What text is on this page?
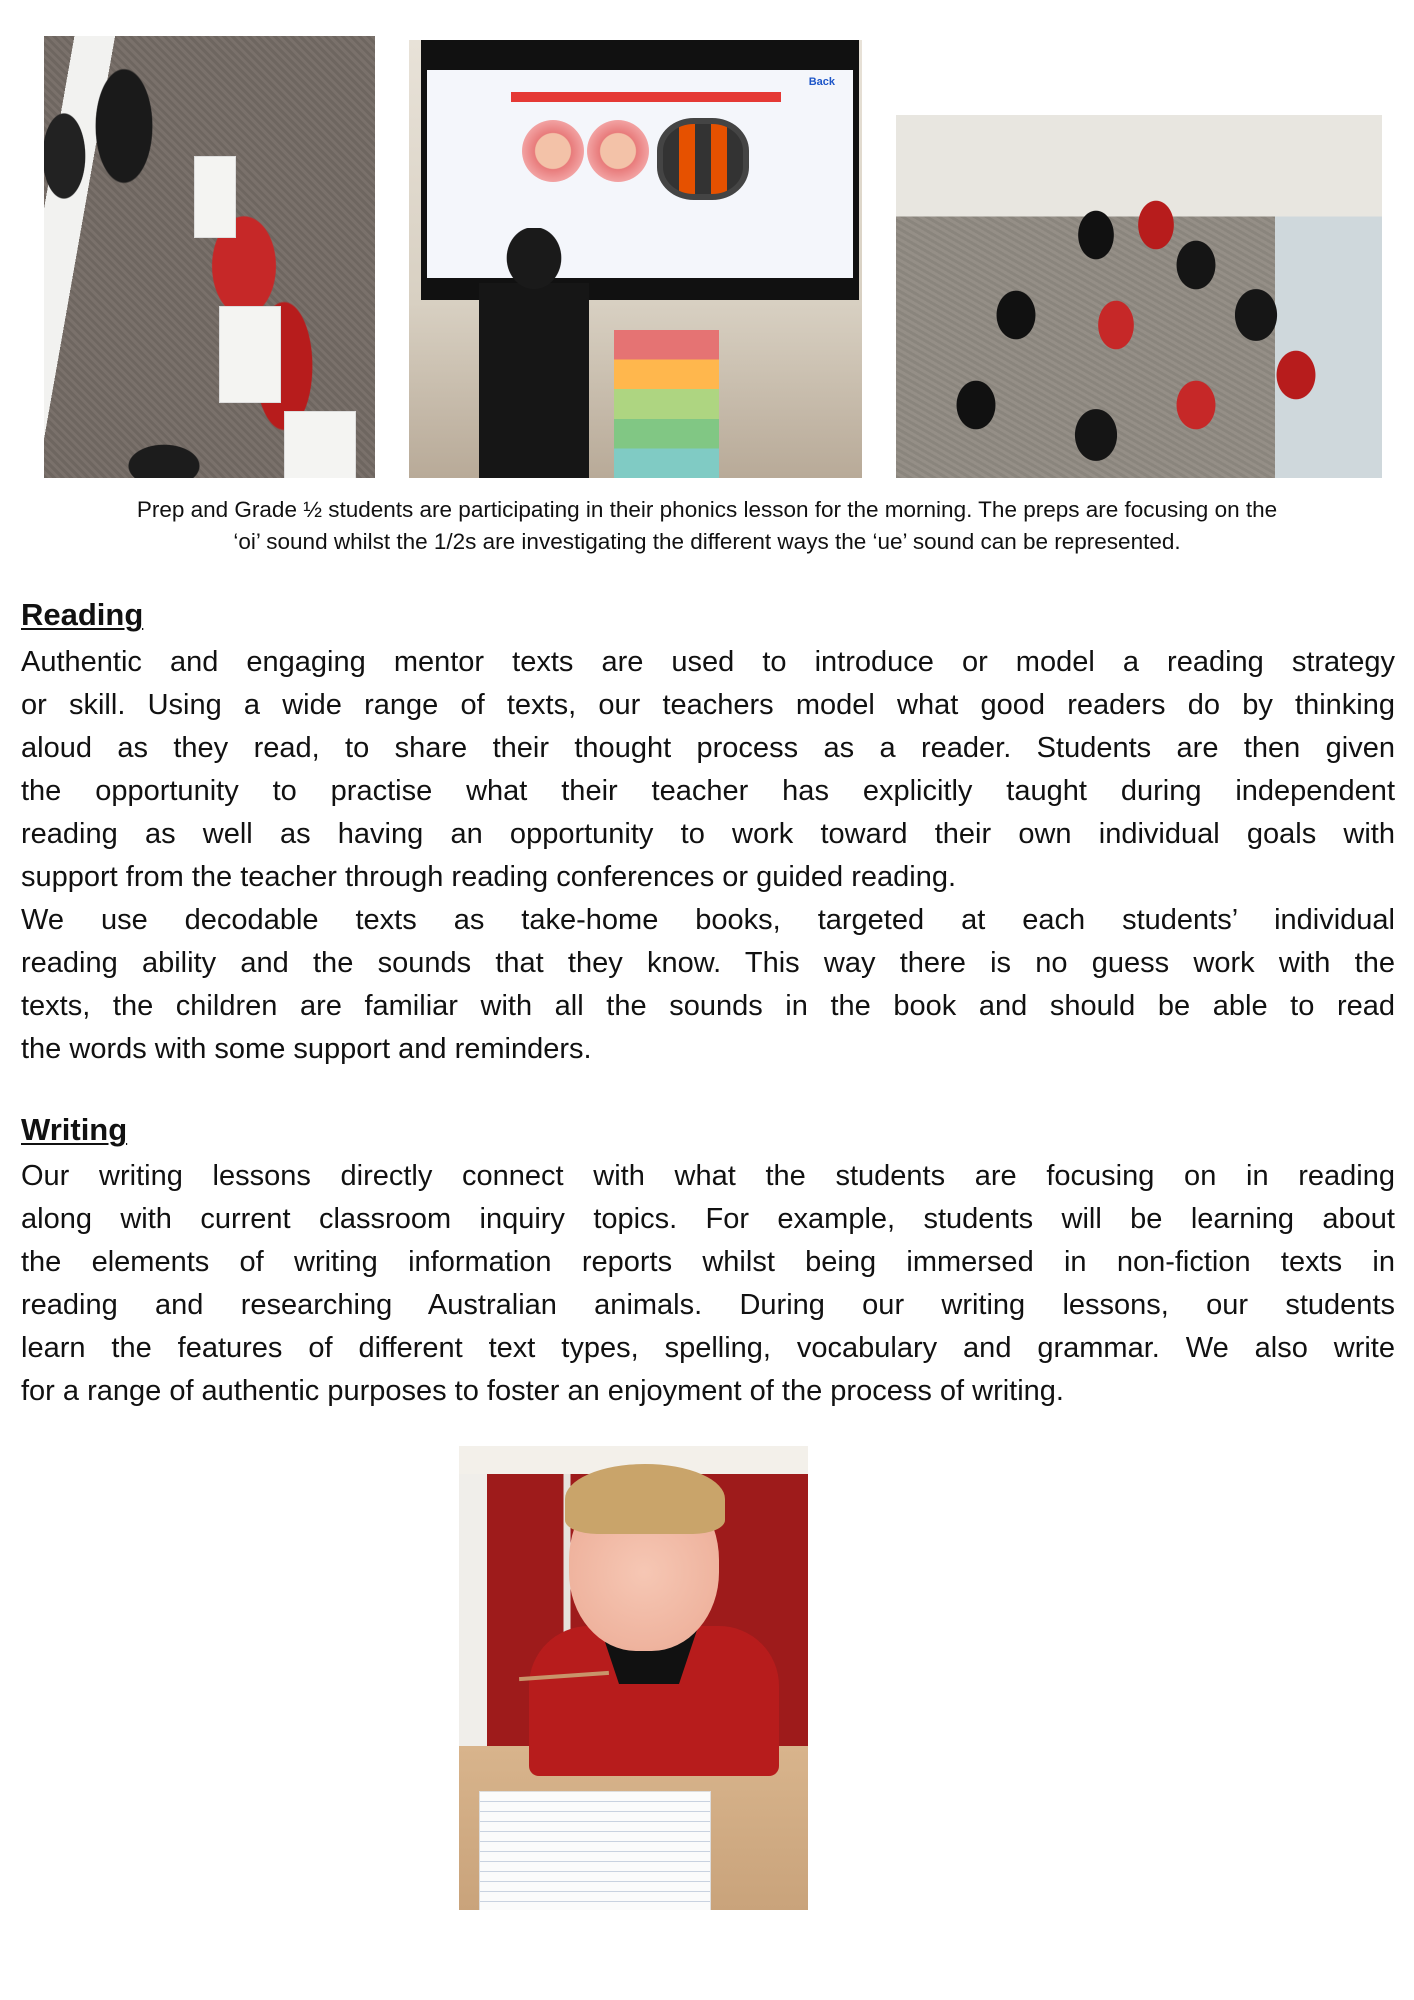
Back
Prep and Grade ½ students are participating in their phonics lesson for the morning. The preps are focusing on the
‘oi’ sound whilst the 1/2s are investigating the different ways the ‘ue’ sound can be represented.
Reading
Authentic and engaging mentor texts are used to introduce or model a reading strategy
or skill. Using a wide range of texts, our teachers model what good readers do by thinking
aloud as they read, to share their thought process as a reader. Students are then given
the opportunity to practise what their teacher has explicitly taught during independent
reading as well as having an opportunity to work toward their own individual goals with
support from the teacher through reading conferences or guided reading.
We use decodable texts as take-home books, targeted at each students’ individual
reading ability and the sounds that they know. This way there is no guess work with the
texts, the children are familiar with all the sounds in the book and should be able to read
the words with some support and reminders.
Writing
Our writing lessons directly connect with what the students are focusing on in reading
along with current classroom inquiry topics. For example, students will be learning about
the elements of writing information reports whilst being immersed in non-fiction texts in
reading and researching Australian animals. During our writing lessons, our students
learn the features of different text types, spelling, vocabulary and grammar. We also write
for a range of authentic purposes to foster an enjoyment of the process of writing.
